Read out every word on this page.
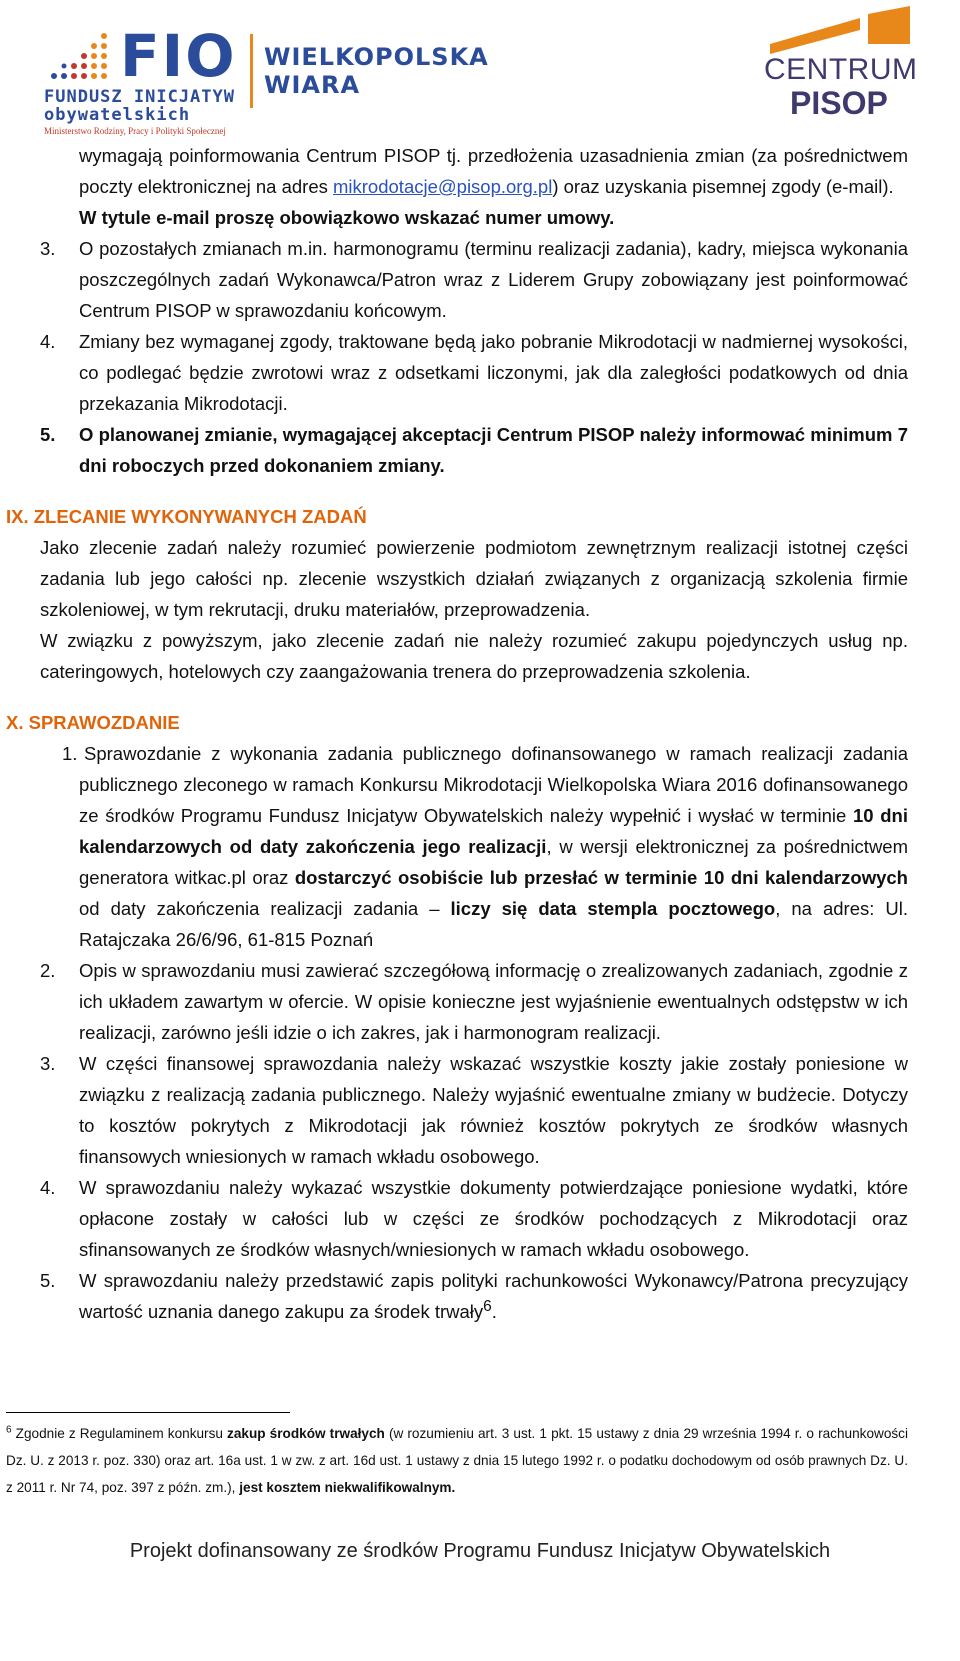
FIO
FUNDUSZ INICJATYW
obywatelskich
Ministerstwo Rodziny, Pracy i Polityki Społecznej
WIELKOPOLSKA
WIARA	CENTRUM
PISOP
wymagają poinformowania Centrum PISOP tj. przedłożenia uzasadnienia zmian (za pośrednictwem poczty elektronicznej na adres mikrodotacje@pisop.org.pl) oraz uzyskania pisemnej zgody (e-mail).
W tytule e-mail proszę obowiązkowo wskazać numer umowy.
3. O pozostałych zmianach m.in. harmonogramu (terminu realizacji zadania), kadry, miejsca wykonania poszczególnych zadań Wykonawca/Patron wraz z Liderem Grupy zobowiązany jest poinformować Centrum PISOP w sprawozdaniu końcowym.
4. Zmiany bez wymaganej zgody, traktowane będą jako pobranie Mikrodotacji w nadmiernej wysokości, co podlegać będzie zwrotowi wraz z odsetkami liczonymi, jak dla zaległości podatkowych od dnia przekazania Mikrodotacji.
5. O planowanej zmianie, wymagającej akceptacji Centrum PISOP należy informować minimum 7 dni roboczych przed dokonaniem zmiany.
IX. ZLECANIE WYKONYWANYCH ZADAŃ
Jako zlecenie zadań należy rozumieć powierzenie podmiotom zewnętrznym realizacji istotnej części zadania lub jego całości np. zlecenie wszystkich działań związanych z organizacją szkolenia firmie szkoleniowej, w tym rekrutacji, druku materiałów, przeprowadzenia.
W związku z powyższym, jako zlecenie zadań nie należy rozumieć zakupu pojedynczych usług np. cateringowych, hotelowych czy zaangażowania trenera do przeprowadzenia szkolenia.
X. SPRAWOZDANIE
1. Sprawozdanie z wykonania zadania publicznego dofinansowanego w ramach realizacji zadania publicznego zleconego w ramach Konkursu Mikrodotacji Wielkopolska Wiara 2016 dofinansowanego ze środków Programu Fundusz Inicjatyw Obywatelskich należy wypełnić i wysłać w terminie 10 dni kalendarzowych od daty zakończenia jego realizacji, w wersji elektronicznej za pośrednictwem generatora witkac.pl oraz dostarczyć osobiście lub przesłać w terminie 10 dni kalendarzowych od daty zakończenia realizacji zadania – liczy się data stempla pocztowego, na adres: Ul. Ratajczaka 26/6/96, 61-815 Poznań
2. Opis w sprawozdaniu musi zawierać szczegółową informację o zrealizowanych zadaniach, zgodnie z ich układem zawartym w ofercie. W opisie konieczne jest wyjaśnienie ewentualnych odstępstw w ich realizacji, zarówno jeśli idzie o ich zakres, jak i harmonogram realizacji.
3. W części finansowej sprawozdania należy wskazać wszystkie koszty jakie zostały poniesione w związku z realizacją zadania publicznego. Należy wyjaśnić ewentualne zmiany w budżecie. Dotyczy to kosztów pokrytych z Mikrodotacji jak również kosztów pokrytych ze środków własnych finansowych wniesionych w ramach wkładu osobowego.
4. W sprawozdaniu należy wykazać wszystkie dokumenty potwierdzające poniesione wydatki, które opłacone zostały w całości lub w części ze środków pochodzących z Mikrodotacji oraz sfinansowanych ze środków własnych/wniesionych w ramach wkładu osobowego.
5. W sprawozdaniu należy przedstawić zapis polityki rachunkowości Wykonawcy/Patrona precyzujący wartość uznania danego zakupu za środek trwały$^6$.
$^6$ Zgodnie z Regulaminem konkursu zakup środków trwałych (w rozumieniu art. 3 ust. 1 pkt. 15 ustawy z dnia 29 września 1994 r. o rachunkowości Dz. U. z 2013 r. poz. 330) oraz art. 16a ust. 1 w zw. z art. 16d ust. 1 ustawy z dnia 15 lutego 1992 r. o podatku dochodowym od osób prawnych Dz. U. z 2011 r. Nr 74, poz. 397 z późn. zm.), jest kosztem niekwalifikowalnym.
Projekt dofinansowany ze środków Programu Fundusz Inicjatyw Obywatelskich
